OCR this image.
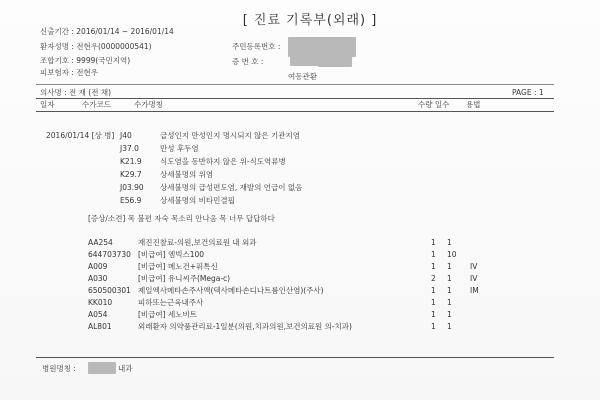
[ 진료 기록부(외래) ]
신출기간 : 2016/01/14 ~ 2016/01/14
환자성명 : 전현우(0000000541)
조합기호 : 9999(국민지역)
피보험자 : 전현우
주민등록번호 :
증 번 호 :
여동관환
의사명 : 전 재 (전 채)	PAGE : 1
일자	수가코드	수가명칭	수량 일수 용법
2016/01/14 [상 병] J40	급성인지 만성인지 명시되지 않은 기관지염
J37.0	만성 후두염
K21.9 식도염을 동반하지 않은 위-식도역류병
K29.7 상세불명의 위염
J03.90 상세불명의 급성편도염, 재발의 언급이 없음
E56.9 상세불명의 비타민결핍
[증상/소견] 목 불편 자숙 목소리 안나옴 목 너무 답답하다
AA254	재진진찰료-의원,보건의료원 내 외과	1 1
644703730 [비급여] 엠빅스100	1 10
A009	[비급여] 메노건+퓌톡신	1 1 IV
A030	[비급여] 유니씨주(Mega-c)	2 1 IV
650500301 제일엑사메타손주사액(덱사메타손디나트륨인산염)(주사)	1 1 IM
KK010	피하또는근육내주사	1 1
A054	[비급여] 세노비트	1 1
AL801	외래환자 의약품관리료-1일분(의원,치과의원,보건의료원 의-치과)	1 1
병원명칭 :	내과
